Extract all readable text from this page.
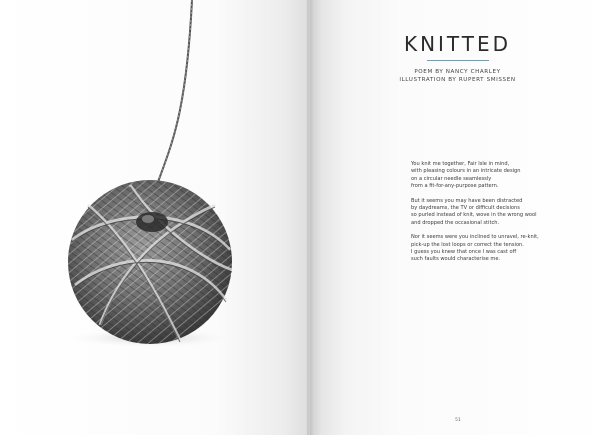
KNITTED
POEM BY NANCY CHARLEY
ILLUSTRATION BY RUPERT SMISSEN
You knit me together, Fair Isle in mind,
with pleasing colours in an intricate design
on a circular needle seamlessly
from a fit-for-any-purpose pattern.
But it seems you may have been distracted
by daydreams, the TV or difficult decisions
so purled instead of knit, wove in the wrong wool
and dropped the occasional stitch.
Nor it seems were you inclined to unravel, re-knit,
pick-up the lost loops or correct the tension.
I guess you knew that once I was cast off
such faults would characterise me.
51
